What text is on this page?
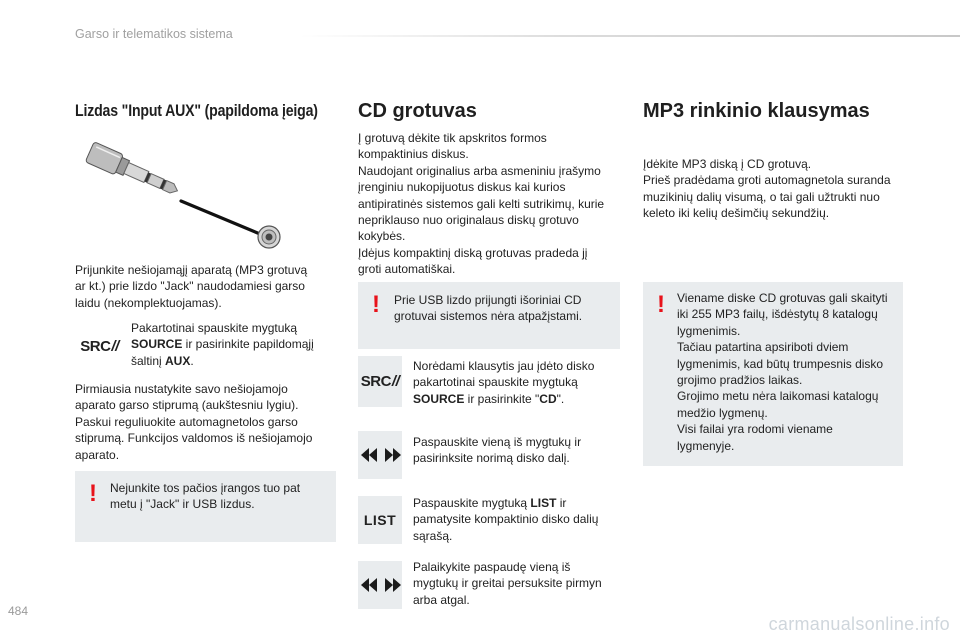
Garso ir telematikos sistema
Lizdas "Input AUX" (papildoma įeiga)

Prijunkite nešiojamąjį aparatą (MP3 grotuvą
ar kt.) prie lizdo "Jack" naudodamiesi garso
laidu (nekomplektuojamas).

SRC //

Pakartotinai spauskite mygtuką
SOURCE ir pasirinkite papildomąjį
šaltinį AUX.

Pirmiausia nustatykite savo nešiojamojo
aparato garso stiprumą (aukštesniu lygiu).
Paskui reguliuokite automagnetolos garso
stiprumą. Funkcijos valdomos iš nešiojamojo
aparato.

! Nejunkite tos pačios įrangos tuo pat
metu į "Jack" ir USB lizdus.

CD grotuvas

Į grotuvą dėkite tik apskritos formos
kompaktinius diskus.
Naudojant originalius arba asmeniniu įrašymo
įrenginiu nukopijuotus diskus kai kurios
antipiratinės sistemos gali kelti sutrikimų, kurie
nepriklauso nuo originalaus diskų grotuvo
kokybės.
Įdėjus kompaktinį diską grotuvas pradeda jį
groti automatiškai.

! Prie USB lizdo prijungti išoriniai CD
grotuvai sistemos nėra atpažįstami.

SRC //

Norėdami klausytis jau įdėto disko
pakartotinai spauskite mygtuką
SOURCE ir pasirinkite "CD".

Paspauskite vieną iš mygtukų ir
pasirinksite norimą disko dalį.

LIST

Paspauskite mygtuką LIST ir
pamatysite kompaktinio disko dalių
sąrašą.

Palaikykite paspaudę vieną iš
mygtukų ir greitai persuksite pirmyn
arba atgal.

MP3 rinkinio klausymas

Įdėkite MP3 diską į CD grotuvą.
Prieš pradėdama groti automagnetola suranda
muzikinių dalių visumą, o tai gali užtrukti nuo
keleto iki kelių dešimčių sekundžių.

! Viename diske CD grotuvas gali skaityti
iki 255 MP3 failų, išdėstytų 8 katalogų
lygmenimis.
Tačiau patartina apsiriboti dviem
lygmenimis, kad būtų trumpesnis disko
grojimo pradžios laikas.
Grojimo metu nėra laikomasi katalogų
medžio lygmenų.
Visi failai yra rodomi viename
lygmenyje.

484
carmanualsonline.info
